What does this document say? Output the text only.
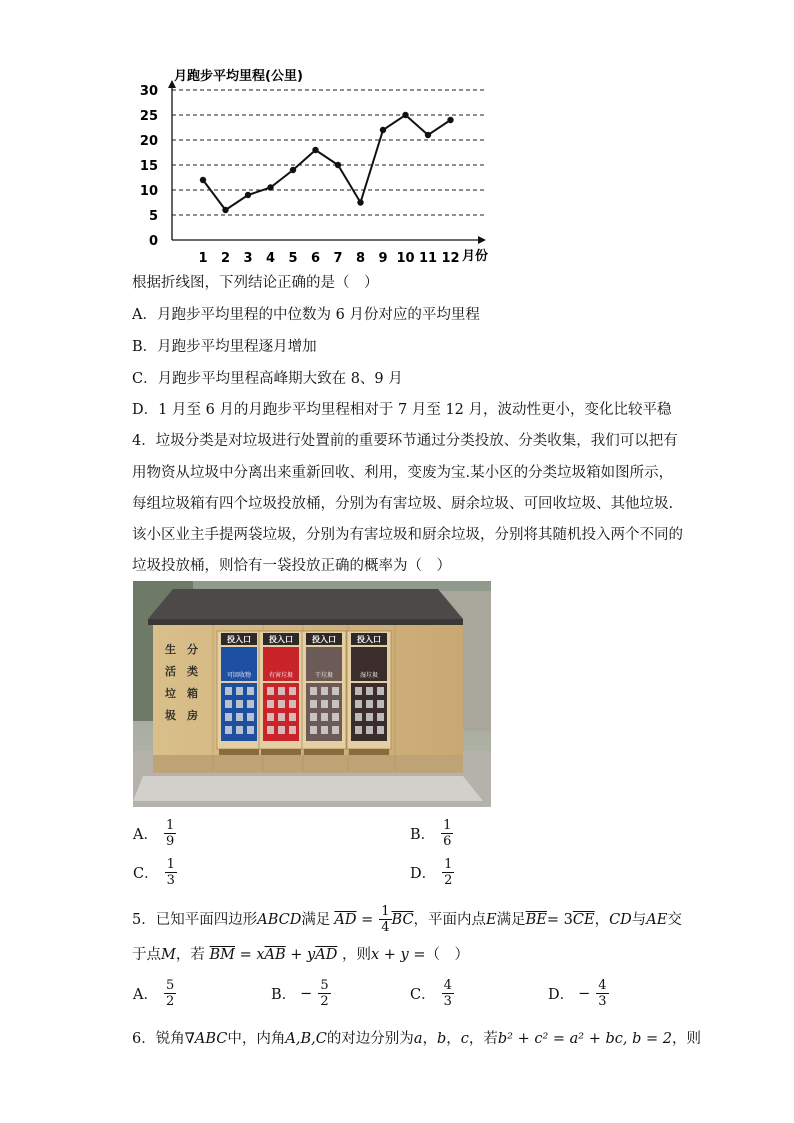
月跑步平均里程(公里)
0
5
10
15
20
25
30
1 2 3 4 5 6 7 8 9 10 11 12 月份
根据折线图，下列结论正确的是（　）
A．月跑步平均里程的中位数为 6 月份对应的平均里程
B．月跑步平均里程逐月增加
C．月跑步平均里程高峰期大致在 8、9 月
D．1 月至 6 月的月跑步平均里程相对于 7 月至 12 月，波动性更小，变化比较平稳
4．垃圾分类是对垃圾进行处置前的重要环节通过分类投放、分类收集，我们可以把有
用物资从垃圾中分离出来重新回收、利用，变废为宝.某小区的分类垃圾箱如图所示，
每组垃圾箱有四个垃圾投放桶，分别为有害垃圾、厨余垃圾、可回收垃圾、其他垃圾.
该小区业主手提两袋垃圾，分别为有害垃圾和厨余垃圾，分别将其随机投入两个不同的
垃圾投放桶，则恰有一袋投放正确的概率为（　）
生 分
活 类
垃 箱
圾 房
投入口
可回收物
投入口
有害垃圾
投入口
干垃圾
投入口
湿垃圾
A． $\frac{1}{9}$	B． $\frac{1}{6}$
C． $\frac{1}{3}$	D． $\frac{1}{2}$
5．已知平面四边形 ABCD 满足 $\overline{AD} = \frac{1}{4} \overline{BC}$ ，平面内点 E 满足 $\overline{BE} = 3$ $\overline{CE}$ ， CD 与 AE 交
于点M，若 $\overline{BM} = x\overline{AB} + y\overline{AD}$ ，则x + y =（　）
A． $\frac{5}{2}$	B． − $\frac{5}{2}$	C． $\frac{4}{3}$	D． − $\frac{4}{3}$
6．锐角∇ABC中，内角A,B,C的对边分别为a，b，c，若b² + c² = a² + bc, b = 2，则
